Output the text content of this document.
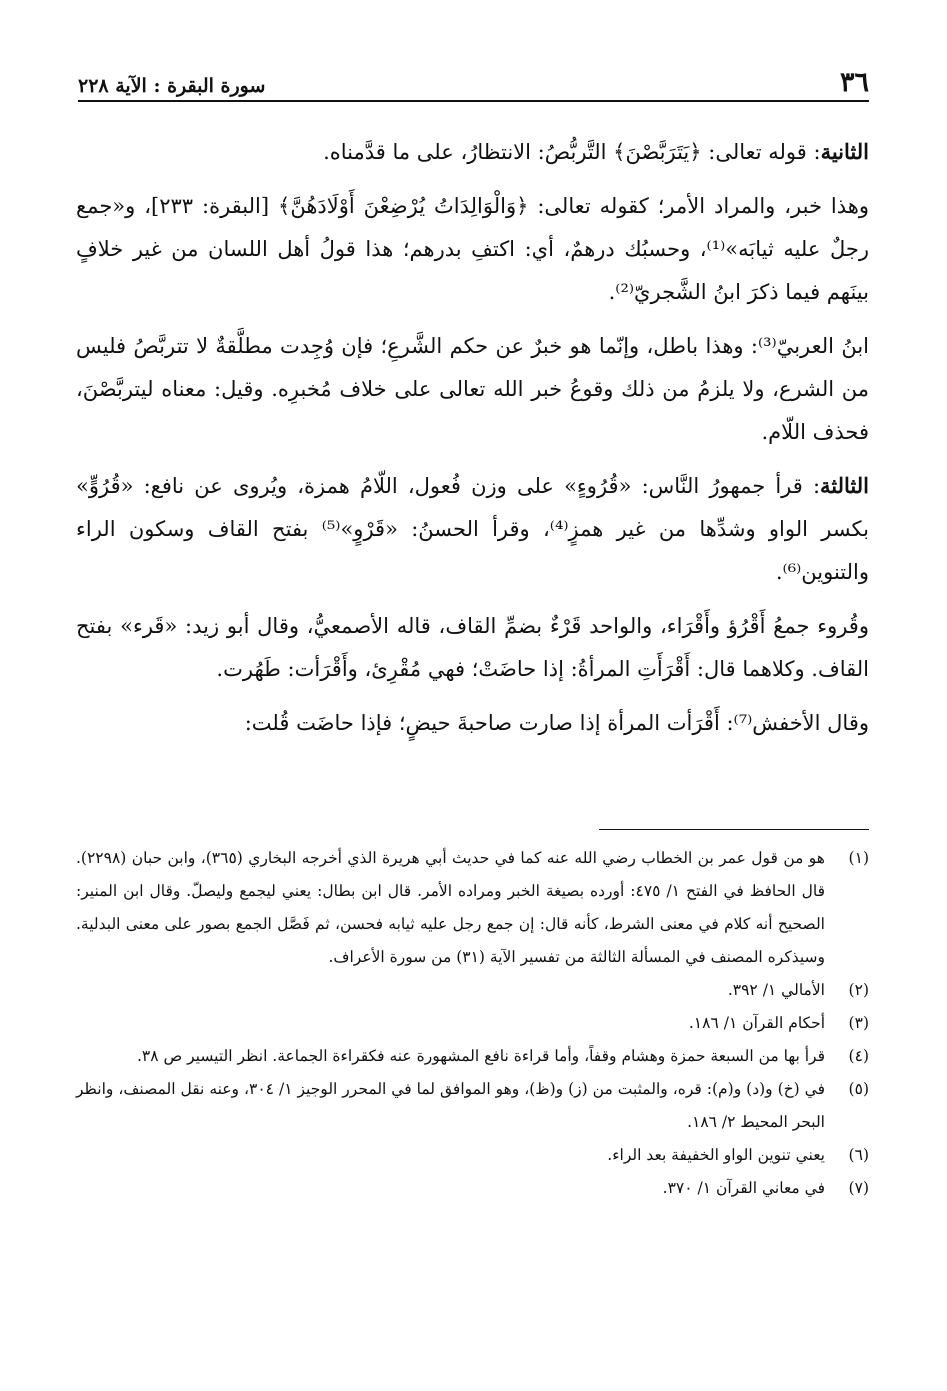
٣٦
سورة البقرة : الآية ٢٢٨

الثانية: قوله تعالى: ﴿يَتَرَبَّصْنَ﴾ التَّربُّصُ: الانتظارُ، على ما قدَّمناه.

وهذا خبر، والمراد الأمر؛ كقوله تعالى: ﴿وَالْوَالِدَاتُ يُرْضِعْنَ أَوْلَادَهُنَّ﴾ [البقرة: ٢٣٣]، و«جمع رجلٌ عليه ثيابَه»⁽¹⁾، وحسبُك درهمٌ، أي: اكتفِ بدرهم؛ هذا قولُ أهل اللسان من غير خلافٍ بينَهم فيما ذكرَ ابنُ الشَّجريّ⁽²⁾.

ابنُ العربيّ⁽³⁾: وهذا باطل، وإنّما هو خبرٌ عن حكم الشَّرعِ؛ فإن وُجِدت مطلَّقةٌ لا تتربَّصُ فليس من الشرع، ولا يلزمُ من ذلك وقوعُ خبر الله تعالى على خلاف مُخبرِه. وقيل: معناه ليتربَّصْنَ، فحذف اللّام.

الثالثة: قرأ جمهورُ النَّاس: «قُرُوءٍ» على وزن فُعول، اللّامُ همزة، ويُروى عن نافع: «قُرُوٍّ» بكسر الواو وشدِّها من غير همزٍ⁽⁴⁾، وقرأ الحسنُ: «قَرْوٍ»⁽⁵⁾ بفتح القاف وسكون الراء والتنوين⁽⁶⁾.

وقُروء جمعُ أَقْرُؤ وأَقْرَاء، والواحد قَرْءٌ بضمِّ القاف، قاله الأصمعيُّ، وقال أبو زيد: «قَرء» بفتح القاف. وكلاهما قال: أَقْرَأَتِ المرأةُ: إذا حاضَتْ؛ فهي مُقْرِئ، وأَقْرَأت: طَهُرت.

وقال الأخفش⁽⁷⁾: أَقْرَأت المرأة إذا صارت صاحبةَ حيضٍ؛ فإذا حاضَت قُلت:

(١)
هو من قول عمر بن الخطاب رضي الله عنه كما في حديث أبي هريرة الذي أخرجه البخاري (٣٦٥)، وابن حبان (٢٢٩٨). قال الحافظ في الفتح ١/ ٤٧٥: أورده بصيغة الخبر ومراده الأمر. قال ابن بطال: يعني ليجمع وليصلّ. وقال ابن المنير: الصحيح أنه كلام في معنى الشرط، كأنه قال: إن جمع رجل عليه ثيابه فحسن، ثم فَصَّل الجمع بصور على معنى البدلية. وسيذكره المصنف في المسألة الثالثة من تفسير الآية (٣١) من سورة الأعراف.

(٢)
الأمالي ١/ ٣٩٢.

(٣)
أحكام القرآن ١/ ١٨٦.

(٤)
قرأ بها من السبعة حمزة وهشام وقفاً، وأما قراءة نافع المشهورة عنه فكقراءة الجماعة. انظر التيسير ص ٣٨.

(٥)
في (خ) و(د) و(م): قره، والمثبت من (ز) و(ظ)، وهو الموافق لما في المحرر الوجيز ١/ ٣٠٤، وعنه نقل المصنف، وانظر البحر المحيط ٢/ ١٨٦.

(٦)
يعني تنوين الواو الخفيفة بعد الراء.

(٧)
في معاني القرآن ١/ ٣٧٠.
